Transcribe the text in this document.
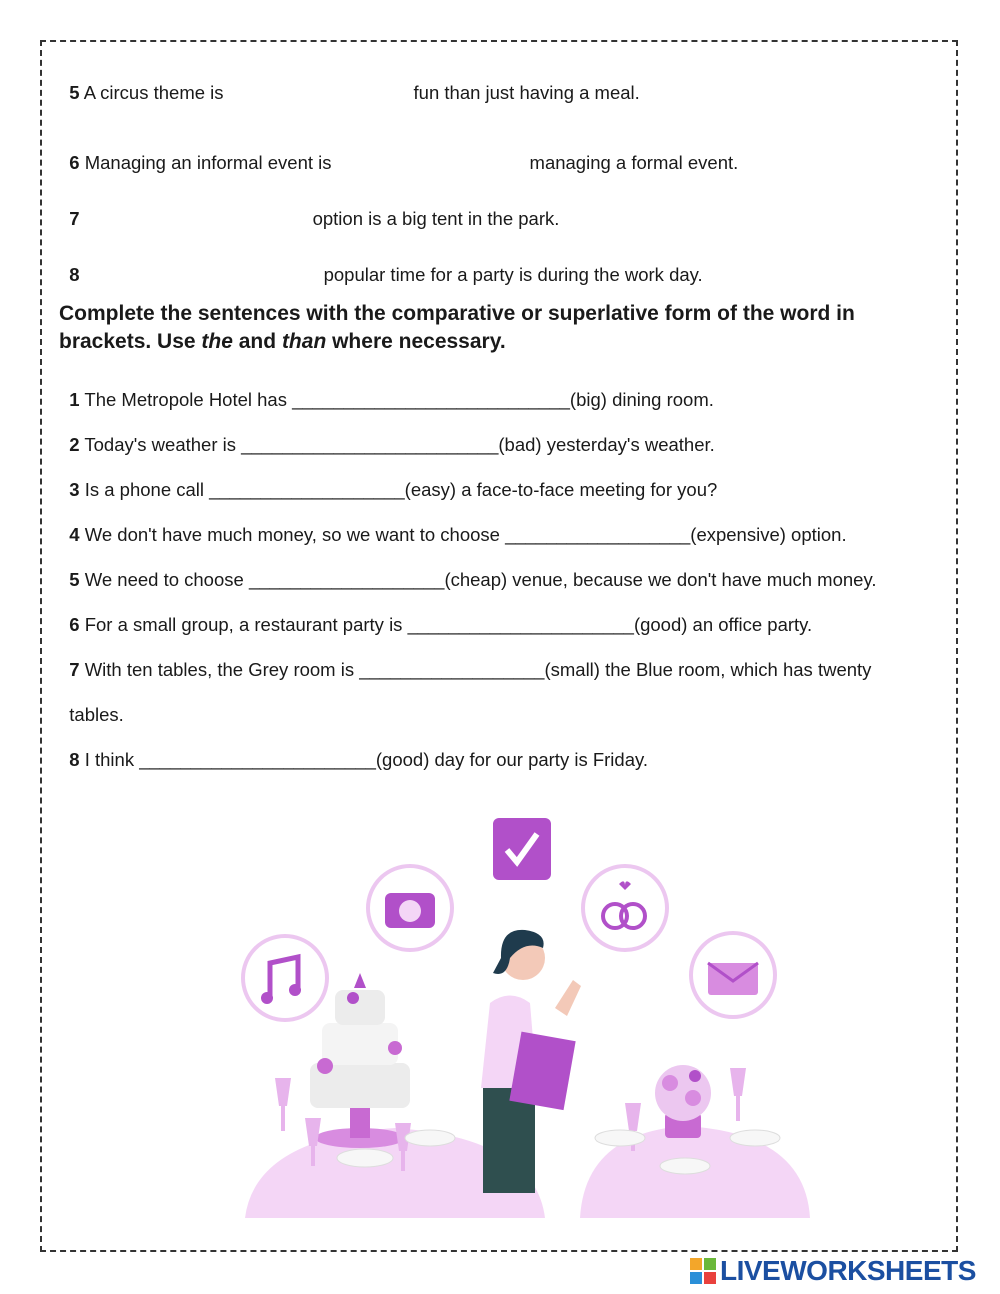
5 A circus theme is	fun than just having a meal.

6 Managing an informal event is	managing a formal event.

7	option is a big tent in the park.

8	popular time for a party is during the work day.

Complete the sentences with the comparative or superlative form of the word in brackets. Use the and than where necessary.

1 The Metropole Hotel has ___________________________(big) dining room.

2 Today's weather is _________________________(bad) yesterday's weather.

3 Is a phone call ___________________(easy) a face-to-face meeting for you?

4 We don't have much money, so we want to choose __________________(expensive) option.

5 We need to choose ___________________(cheap) venue, because we don't have much money.

6 For a small group, a restaurant party is ______________________(good) an office party.

7 With ten tables, the Grey room is __________________(small) the Blue room, which has twenty

tables.

8 I think _______________________(good) day for our party is Friday.

LIVEWORKSHEETS
